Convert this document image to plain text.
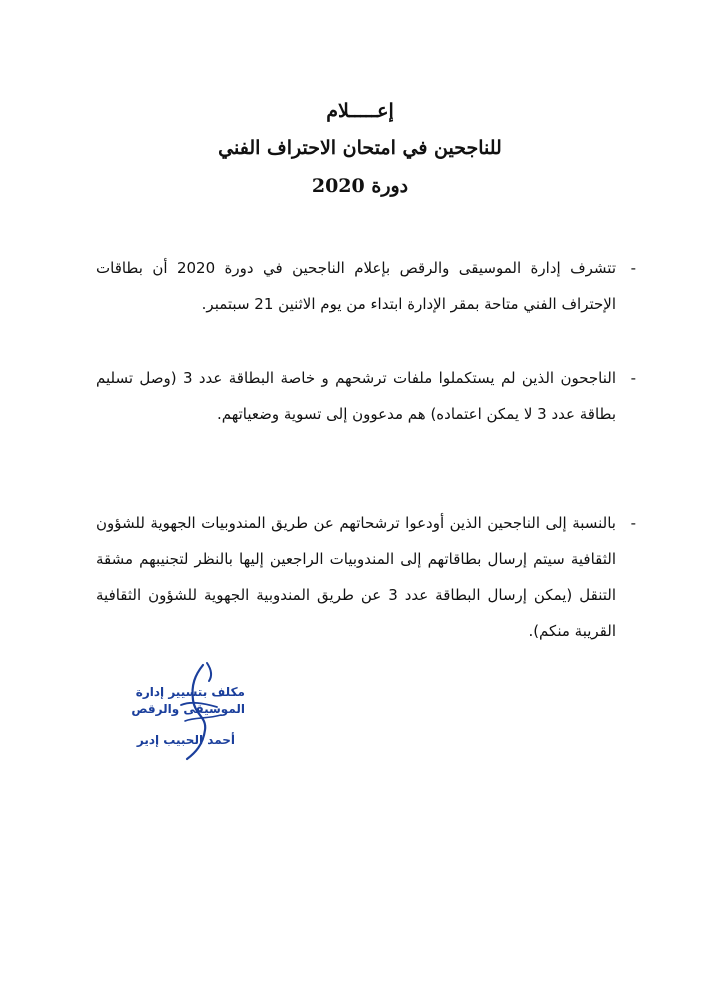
إعـــــلام
للناجحين في امتحان الاحتراف الفني
دورة 2020
-
تتشرف إدارة الموسيقى والرقص بإعلام الناجحين في دورة 2020 أن بطاقات الإحتراف الفني متاحة بمقر الإدارة ابتداء من يوم الاثنين 21 سبتمبر.
-
الناجحون الذين لم يستكملوا ملفات ترشحهم و خاصة البطاقة عدد 3 (وصل تسليم بطاقة عدد 3 لا يمكن اعتماده) هم مدعوون إلى تسوية وضعياتهم.
-
بالنسبة إلى الناجحين الذين أودعوا ترشحاتهم عن طريق المندوبيات الجهوية للشؤون الثقافية سيتم إرسال بطاقاتهم إلى المندوبيات الراجعين إليها بالنظر لتجنيبهم مشقة التنقل (يمكن إرسال البطاقة عدد 3 عن طريق المندوبية الجهوية للشؤون الثقافية القريبة منكم).
مكلف بتسيير إدارة
الموسيقى والرقص
أحمد الحبيب إدير
